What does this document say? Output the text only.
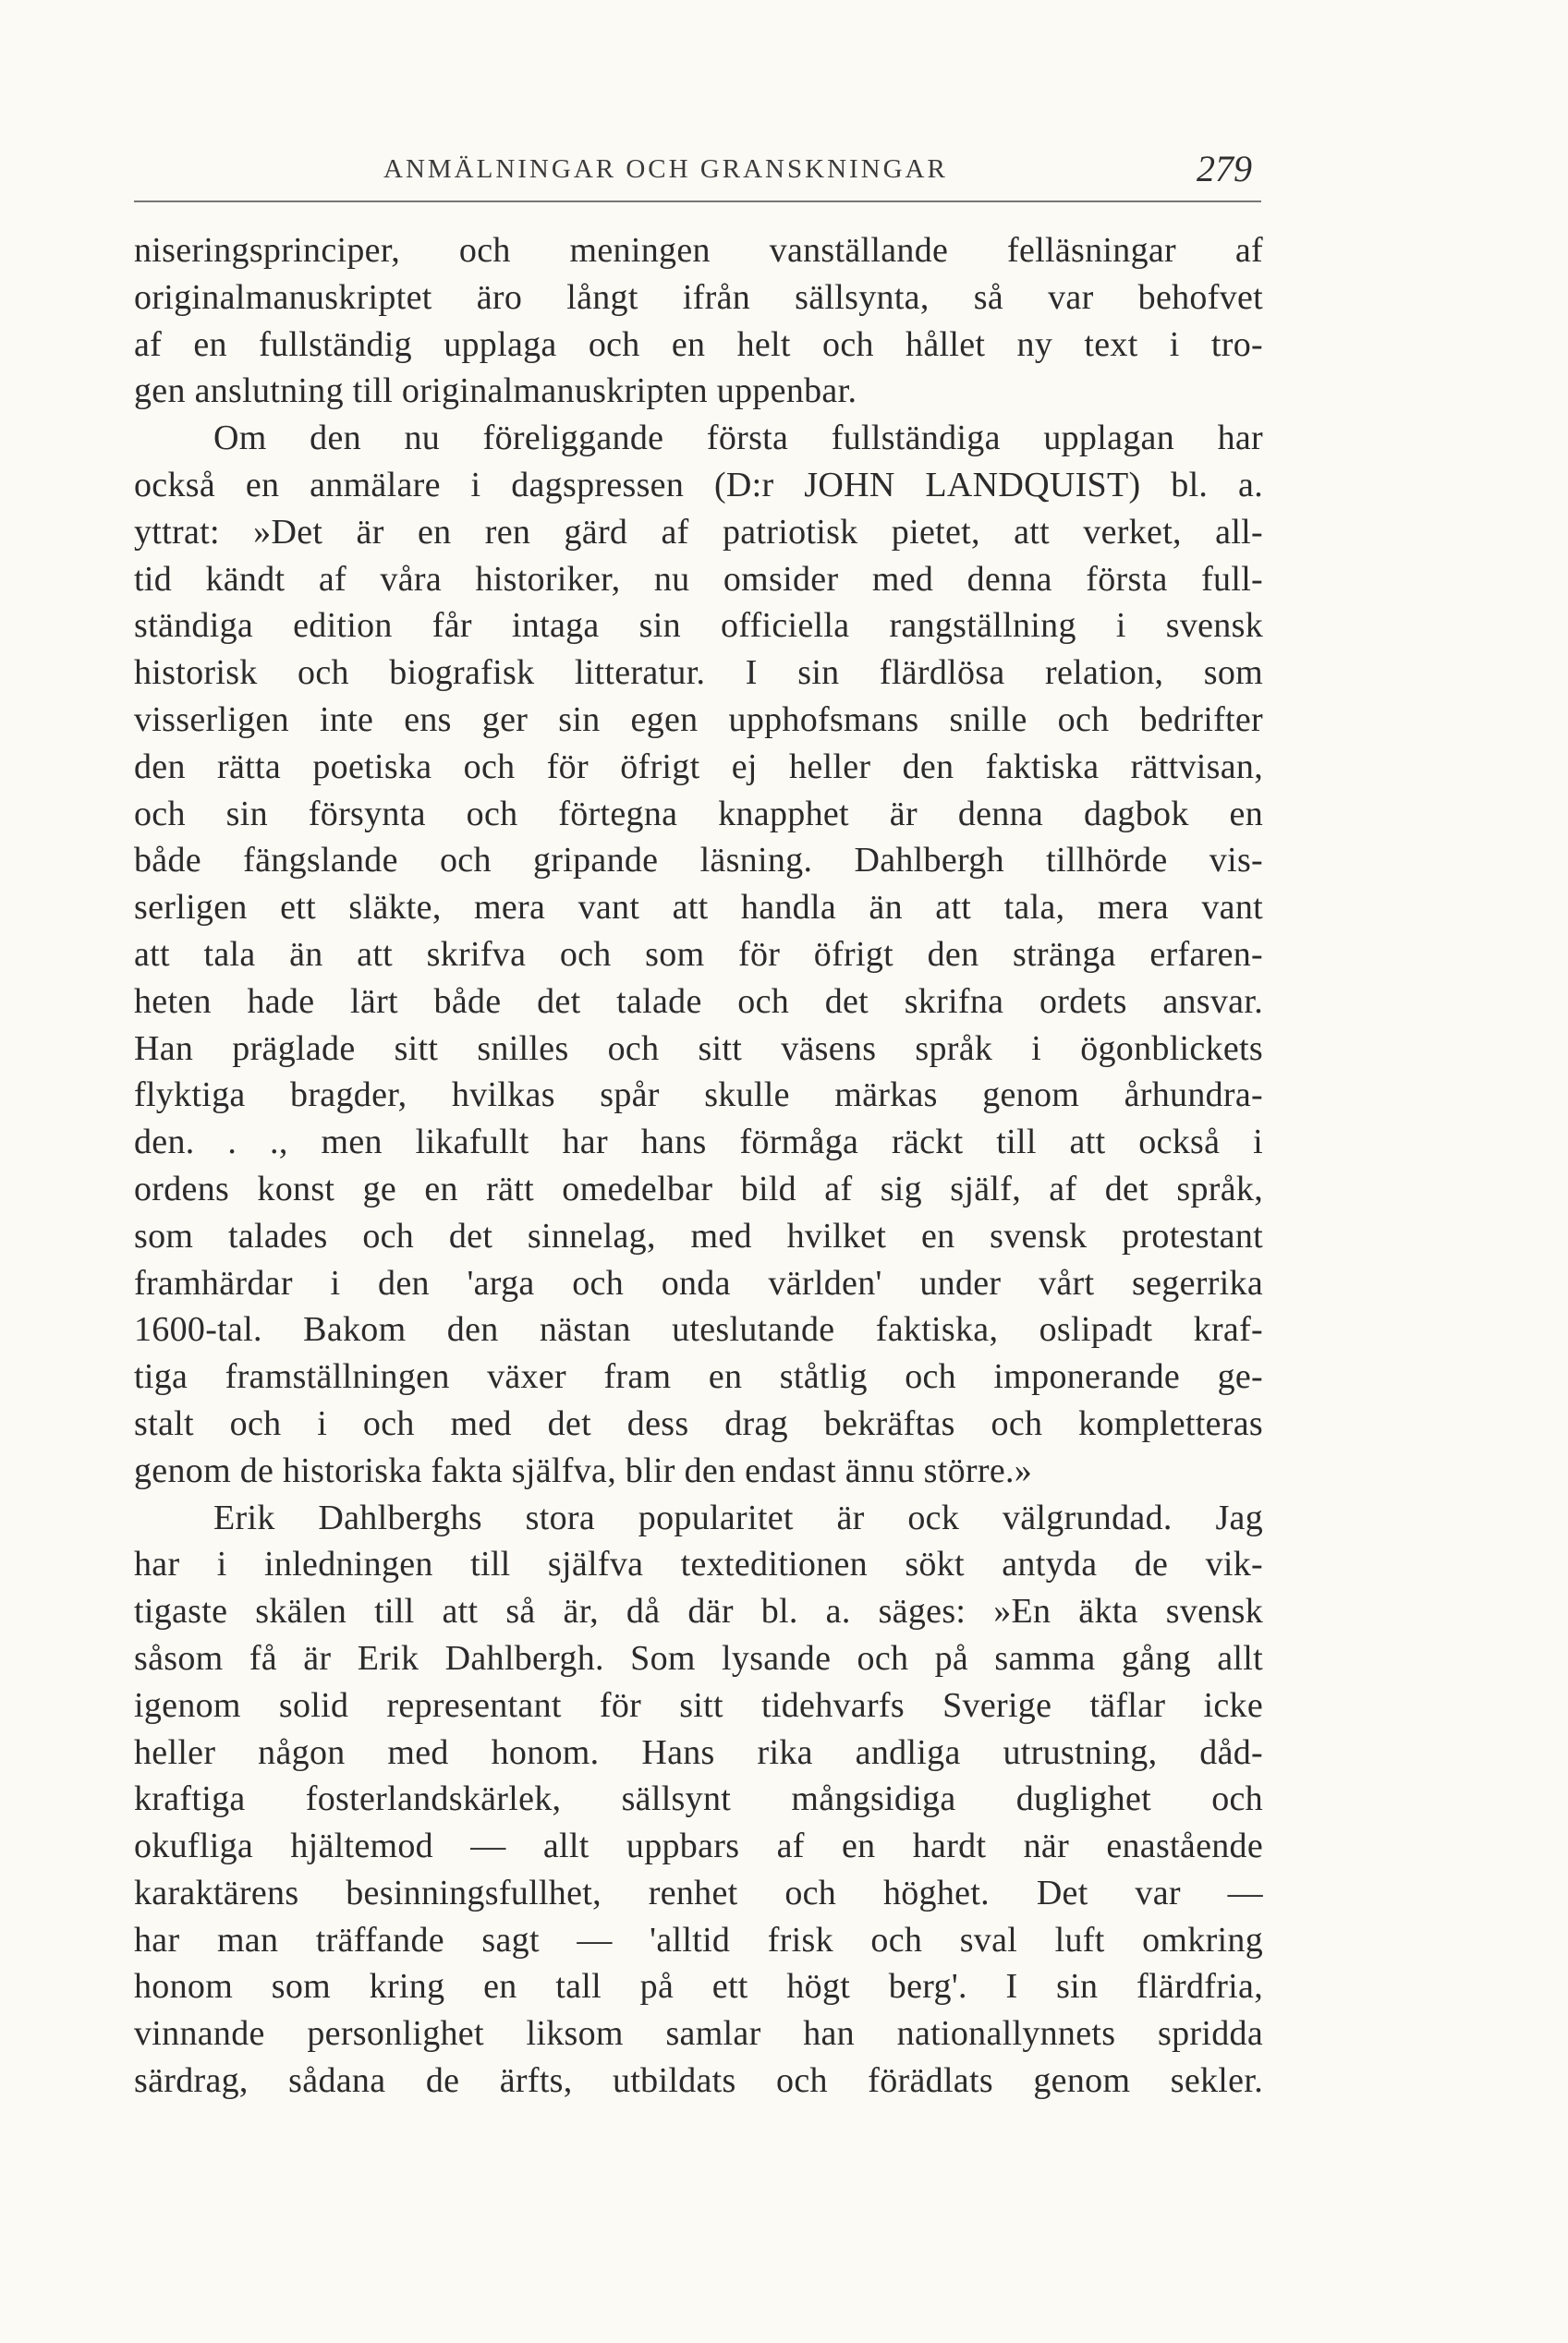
ANMÄLNINGAR OCH GRANSKNINGAR	279
niseringsprinciper, och meningen vanställande felläsningar af
originalmanuskriptet äro långt ifrån sällsynta, så var behofvet
af en fullständig upplaga och en helt och hållet ny text i tro-
gen anslutning till originalmanuskripten uppenbar.
Om den nu föreliggande första fullständiga upplagan har
också en anmälare i dagspressen (D:r JOHN LANDQUIST) bl. a.
yttrat: »Det är en ren gärd af patriotisk pietet, att verket, all-
tid kändt af våra historiker, nu omsider med denna första full-
ständiga edition får intaga sin officiella rangställning i svensk
historisk och biografisk litteratur. I sin flärdlösa relation, som
visserligen inte ens ger sin egen upphofsmans snille och bedrifter
den rätta poetiska och för öfrigt ej heller den faktiska rättvisan,
och sin försynta och förtegna knapphet är denna dagbok en
både fängslande och gripande läsning. Dahlbergh tillhörde vis-
serligen ett släkte, mera vant att handla än att tala, mera vant
att tala än att skrifva och som för öfrigt den stränga erfaren-
heten hade lärt både det talade och det skrifna ordets ansvar.
Han präglade sitt snilles och sitt väsens språk i ögonblickets
flyktiga bragder, hvilkas spår skulle märkas genom århundra-
den. . ., men likafullt har hans förmåga räckt till att också i
ordens konst ge en rätt omedelbar bild af sig själf, af det språk,
som talades och det sinnelag, med hvilket en svensk protestant
framhärdar i den 'arga och onda världen' under vårt segerrika
1600-tal. Bakom den nästan uteslutande faktiska, oslipadt kraf-
tiga framställningen växer fram en ståtlig och imponerande ge-
stalt och i och med det dess drag bekräftas och kompletteras
genom de historiska fakta själfva, blir den endast ännu större.»
Erik Dahlberghs stora popularitet är ock välgrundad. Jag
har i inledningen till själfva texteditionen sökt antyda de vik-
tigaste skälen till att så är, då där bl. a. säges: »En äkta svensk
såsom få är Erik Dahlbergh. Som lysande och på samma gång allt
igenom solid representant för sitt tidehvarfs Sverige täflar icke
heller någon med honom. Hans rika andliga utrustning, dåd-
kraftiga fosterlandskärlek, sällsynt mångsidiga duglighet och
okufliga hjältemod — allt uppbars af en hardt när enastående
karaktärens besinningsfullhet, renhet och höghet. Det var —
har man träffande sagt — 'alltid frisk och sval luft omkring
honom som kring en tall på ett högt berg'. I sin flärdfria,
vinnande personlighet liksom samlar han nationallynnets spridda
särdrag, sådana de ärfts, utbildats och förädlats genom sekler.
